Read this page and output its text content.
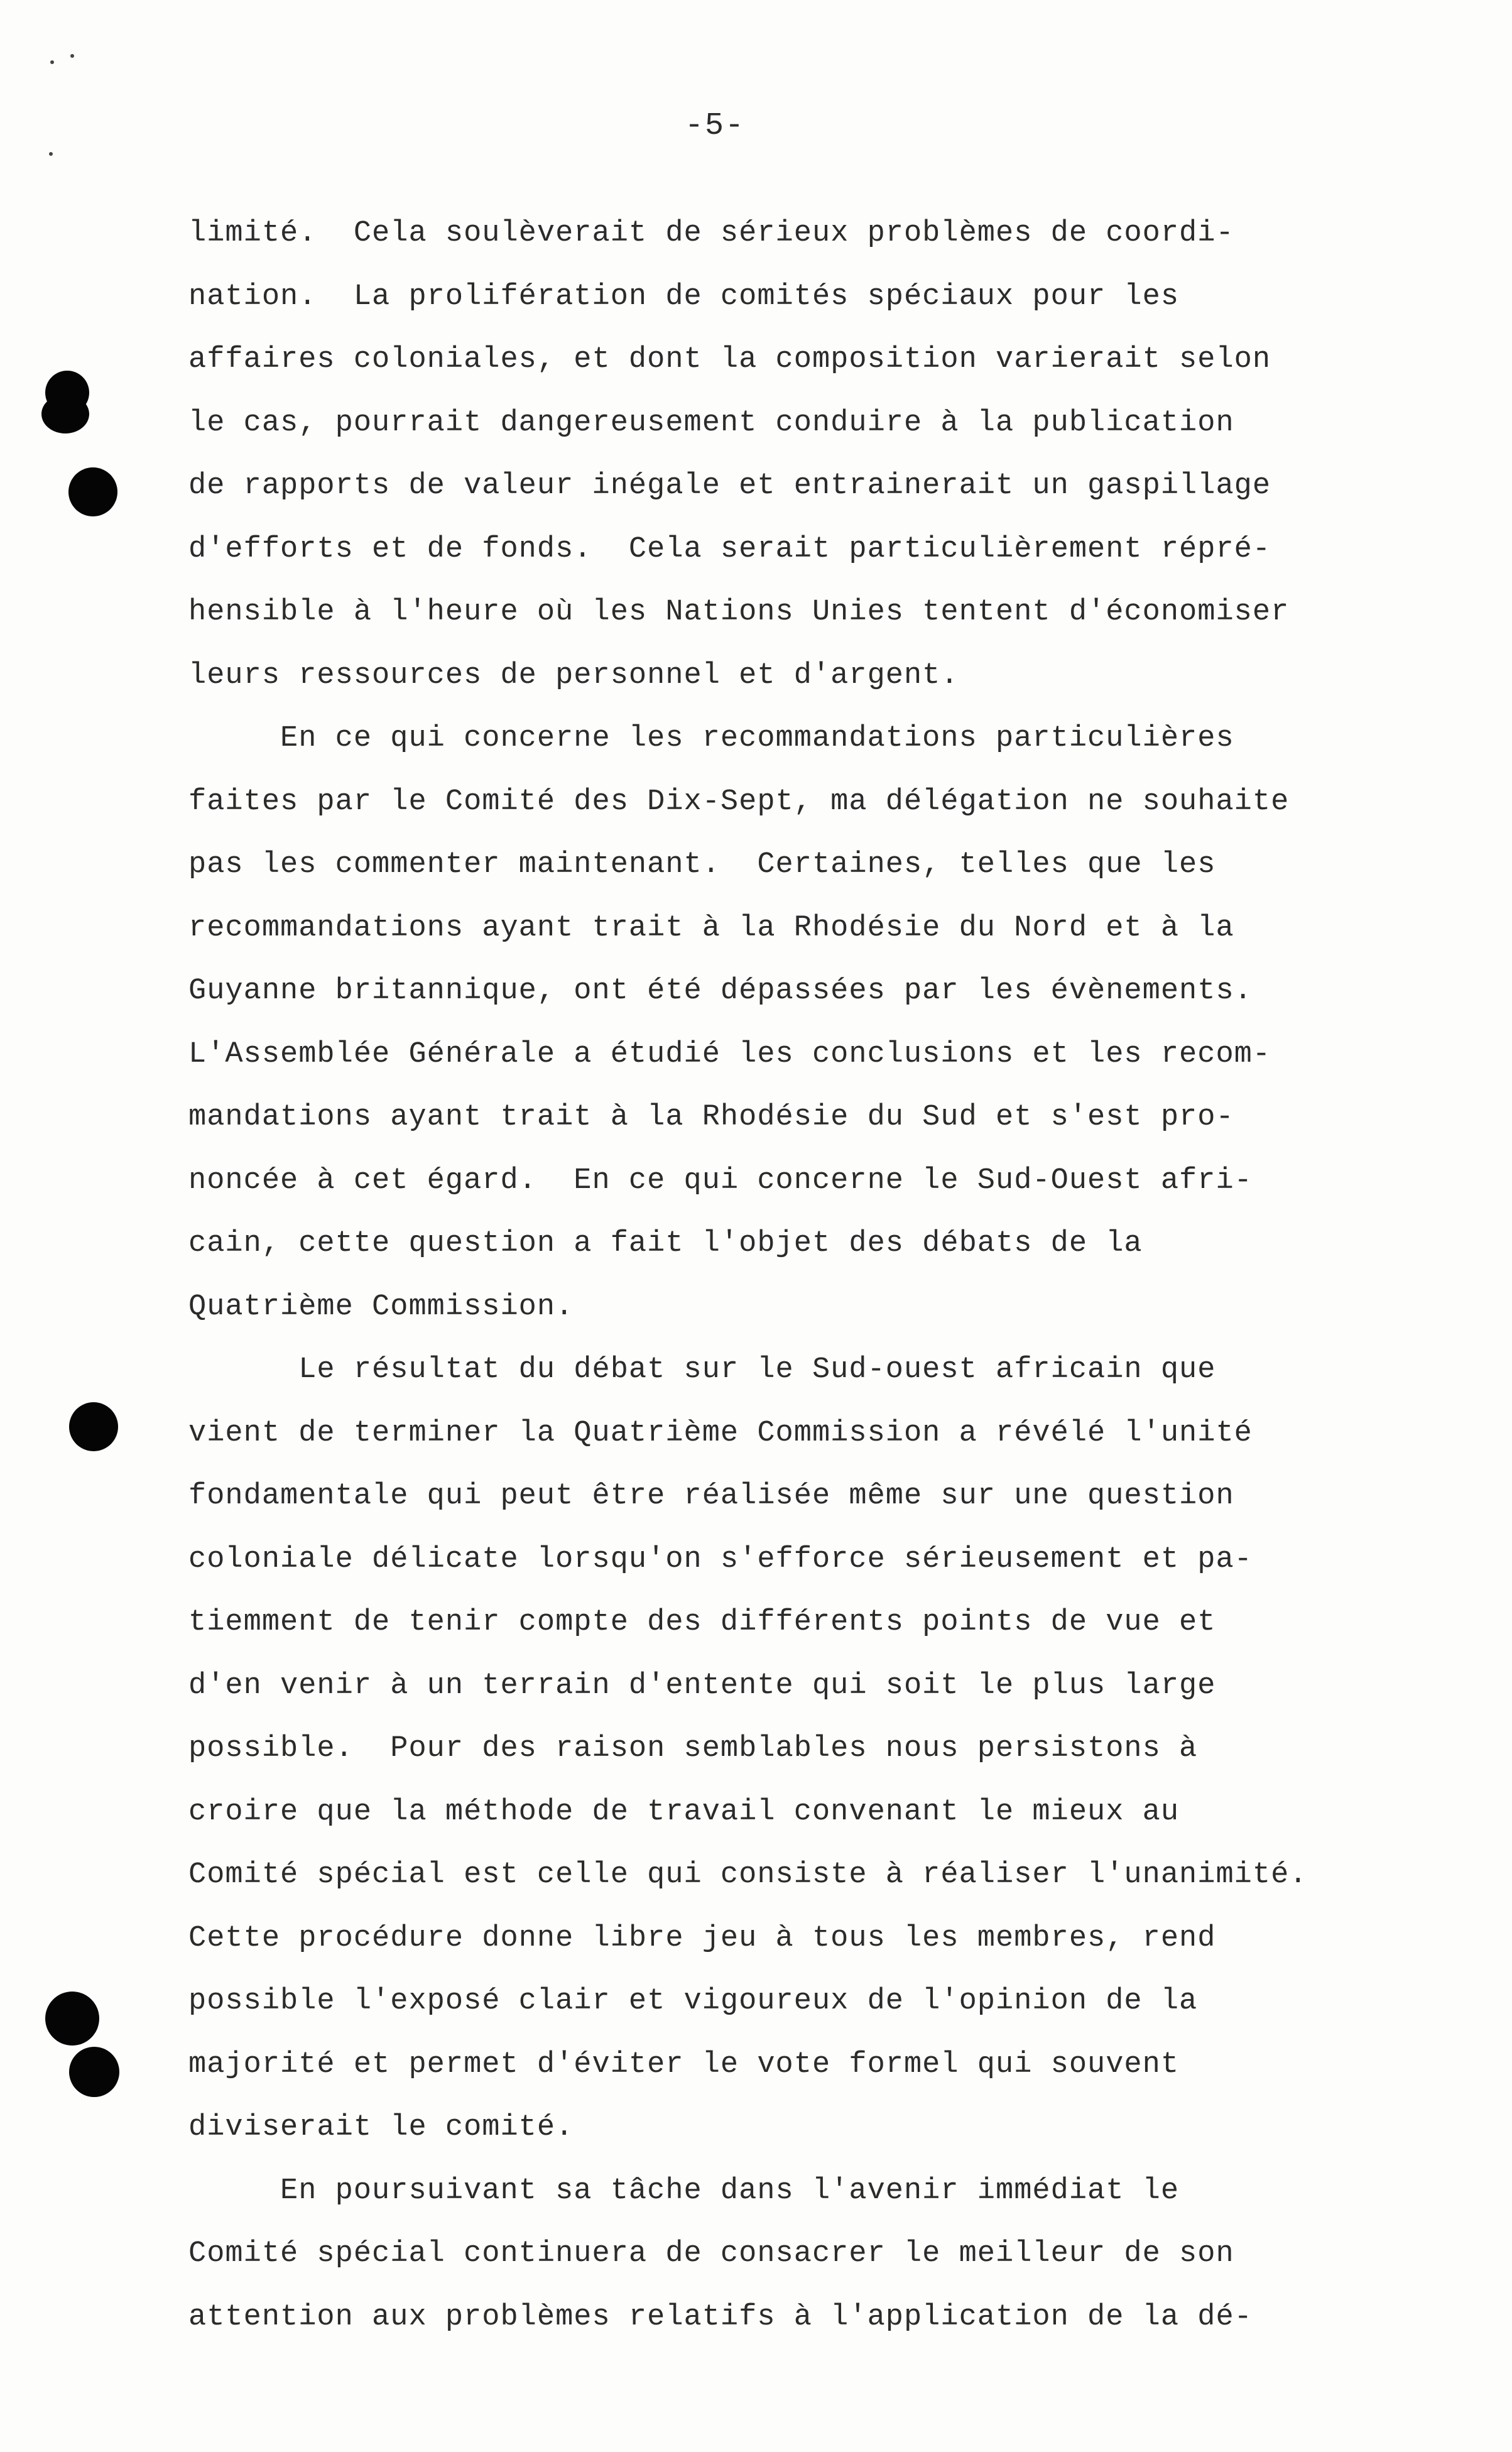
-5-
limité.  Cela soulèverait de sérieux problèmes de coordi-
nation.  La prolifération de comités spéciaux pour les
affaires coloniales, et dont la composition varierait selon
le cas, pourrait dangereusement conduire à la publication
de rapports de valeur inégale et entrainerait un gaspillage
d'efforts et de fonds.  Cela serait particulièrement répré-
hensible à l'heure où les Nations Unies tentent d'économiser
leurs ressources de personnel et d'argent.
En ce qui concerne les recommandations particulières
faites par le Comité des Dix-Sept, ma délégation ne souhaite
pas les commenter maintenant.  Certaines, telles que les
recommandations ayant trait à la Rhodésie du Nord et à la
Guyanne britannique, ont été dépassées par les évènements.
L'Assemblée Générale a étudié les conclusions et les recom-
mandations ayant trait à la Rhodésie du Sud et s'est pro-
noncée à cet égard.  En ce qui concerne le Sud-Ouest afri-
cain, cette question a fait l'objet des débats de la
Quatrième Commission.
Le résultat du débat sur le Sud-ouest africain que
vient de terminer la Quatrième Commission a révélé l'unité
fondamentale qui peut être réalisée même sur une question
coloniale délicate lorsqu'on s'efforce sérieusement et pa-
tiemment de tenir compte des différents points de vue et
d'en venir à un terrain d'entente qui soit le plus large
possible.  Pour des raison semblables nous persistons à
croire que la méthode de travail convenant le mieux au
Comité spécial est celle qui consiste à réaliser l'unanimité.
Cette procédure donne libre jeu à tous les membres, rend
possible l'exposé clair et vigoureux de l'opinion de la
majorité et permet d'éviter le vote formel qui souvent
diviserait le comité.
En poursuivant sa tâche dans l'avenir immédiat le
Comité spécial continuera de consacrer le meilleur de son
attention aux problèmes relatifs à l'application de la dé-
